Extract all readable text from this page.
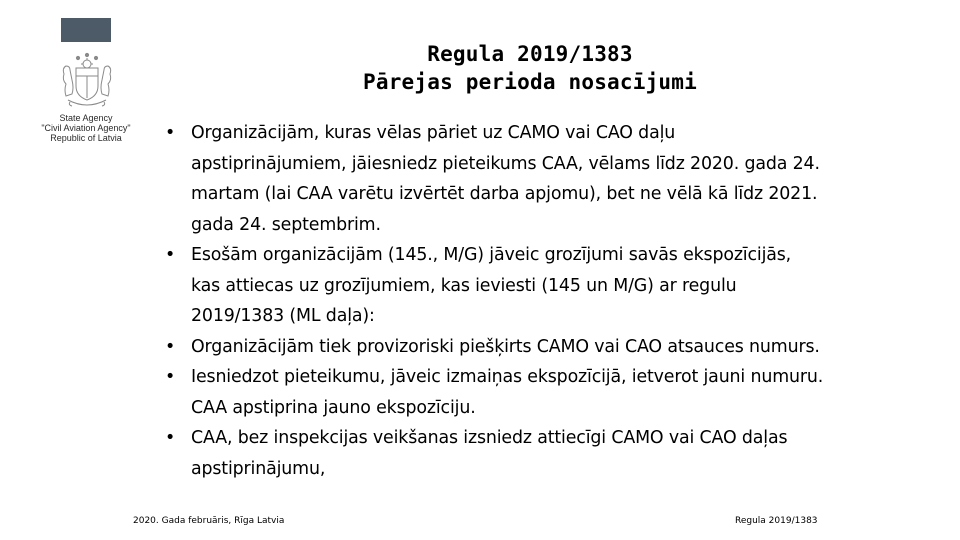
State Agency
"Civil Aviation Agency"
Republic of Latvia
Regula 2019/1383
Pārejas perioda nosacījumi
• Organizācijām, kuras vēlas pāriet uz CAMO vai CAO daļu
apstiprinājumiem, jāiesniedz pieteikums CAA, vēlams līdz 2020. gada 24.
martam (lai CAA varētu izvērtēt darba apjomu), bet ne vēlā kā līdz 2021.
gada 24. septembrim.
• Esošām organizācijām (145., M/G) jāveic grozījumi savās ekspozīcijās,
kas attiecas uz grozījumiem, kas ieviesti (145 un M/G) ar regulu
2019/1383 (ML daļa):
• Organizācijām tiek provizoriski piešķirts CAMO vai CAO atsauces numurs.
• Iesniedzot pieteikumu, jāveic izmaiņas ekspozīcijā, ietverot jauni numuru.
CAA apstiprina jauno ekspozīciju.
• CAA, bez inspekcijas veikšanas izsniedz attiecīgi CAMO vai CAO daļas
apstiprinājumu,
2020. Gada februāris, Rīga Latvia	Regula 2019/1383
